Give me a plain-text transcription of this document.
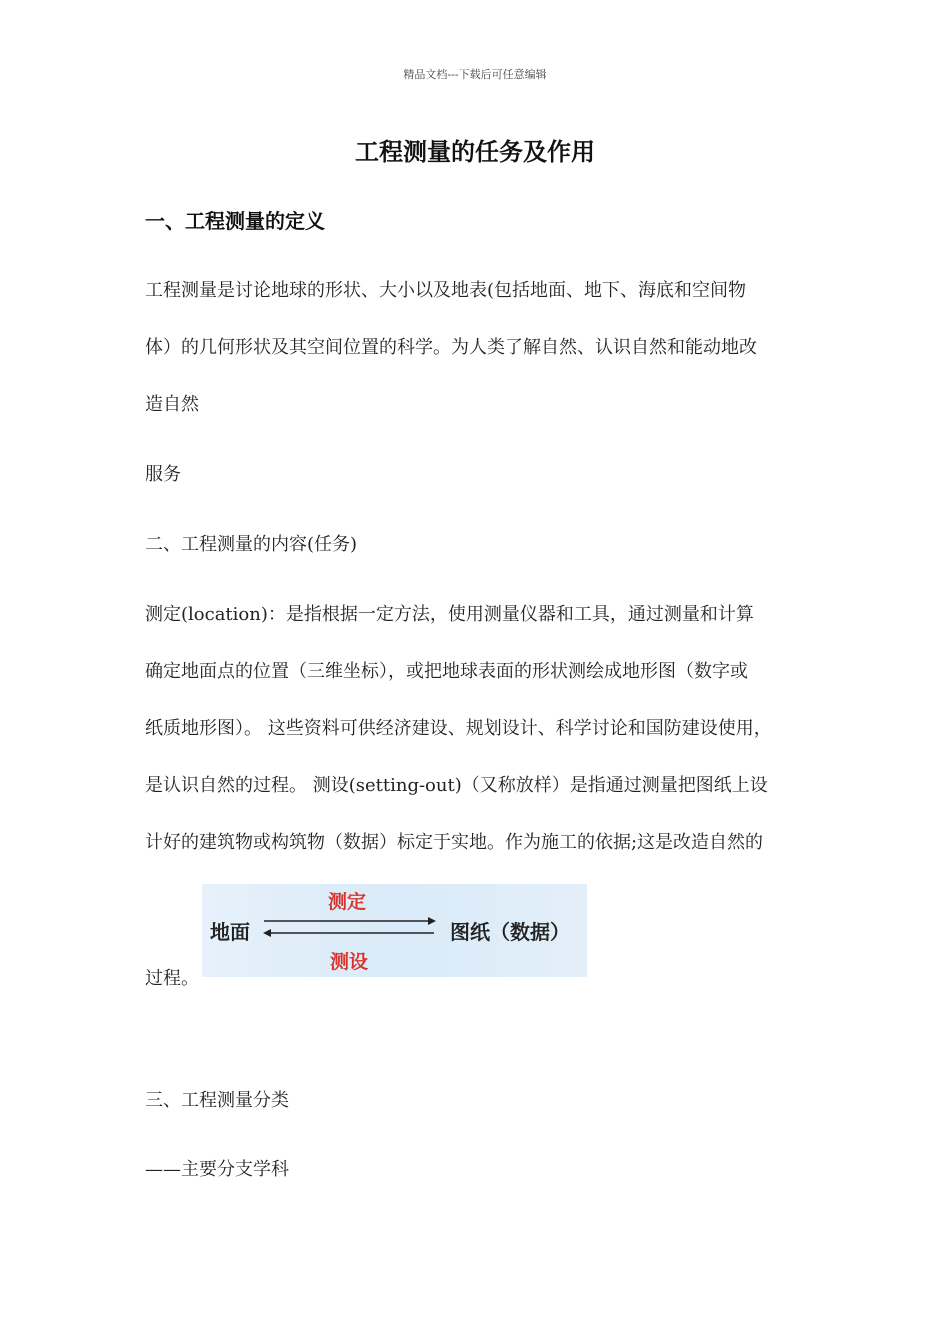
精品文档---下载后可任意编辑
工程测量的任务及作用
一、工程测量的定义
工程测量是讨论地球的形状、大小以及地表(包括地面、地下、海底和空间物
体）的几何形状及其空间位置的科学。为人类了解自然、认识自然和能动地改
造自然
服务
二、工程测量的内容(任务)
测定(location)：是指根据一定方法，使用测量仪器和工具，通过测量和计算
确定地面点的位置（三维坐标），或把地球表面的形状测绘成地形图（数字或
纸质地形图）。 这些资料可供经济建设、规划设计、科学讨论和国防建设使用，
是认识自然的过程。 测设(setting-out)（又称放样）是指通过测量把图纸上设
计好的建筑物或构筑物（数据）标定于实地。作为施工的依据;这是改造自然的
过程。
测定
地面	图纸（数据）
测设
三、工程测量分类
——主要分支学科
